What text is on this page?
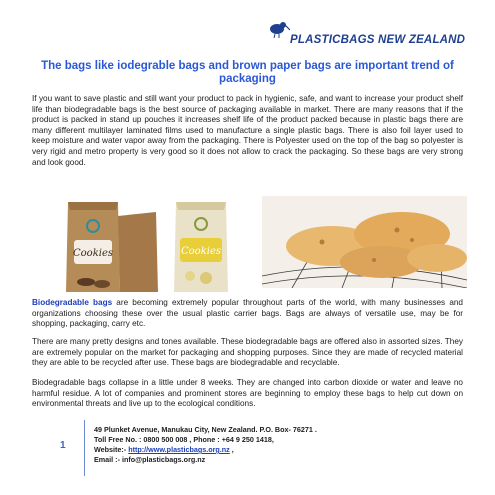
PLASTICBAGS NEW ZEALAND
The bags like iodegrable bags and brown paper bags are important trend of packaging

If you want to save plastic and still want your product to pack in hygienic, safe, and want to increase your product shelf life than biodegradable bags is the best source of packaging available in market. There are many reasons that if the product is packed in stand up pouches it increases shelf life of the product packed because in plastic bags there are many different multilayer laminated films used to manufacture a single plastic bags. There is also foil layer used to keep moisture and water vapor away from the packaging. There is Polyester used on the top of the bag so polyester is very rigid and metro property is very good so it does not allow to crack the packaging. So these bags are very strong and look good.

Cookies	Cookies

Biodegradable bags are becoming extremely popular throughout parts of the world, with many businesses and organizations choosing these over the usual plastic carrier bags. Bags are always of versatile use, may be for shopping, packaging, carry etc.

There are many pretty designs and tones available. These biodegradable bags are offered also in assorted sizes. They are extremely popular on the market for packaging and shopping purposes. Since they are made of recycled material they are able to be recycled after use. These bags are biodegradable and recyclable.

Biodegradable bags collapse in a little under 8 weeks. They are changed into carbon dioxide or water and leave no harmful residue. A lot of companies and prominent stores are beginning to employ these bags to help cut down on environmental threats and live up to the ecological conditions.

1
49 Plunket Avenue, Manukau City, New Zealand. P.O. Box- 76271 .
Toll Free No. : 0800 500 008 , Phone : +64 9 250 1418,
Website:- http://www.plasticbags.org.nz ,
Email :- info@plasticbags.org.nz
